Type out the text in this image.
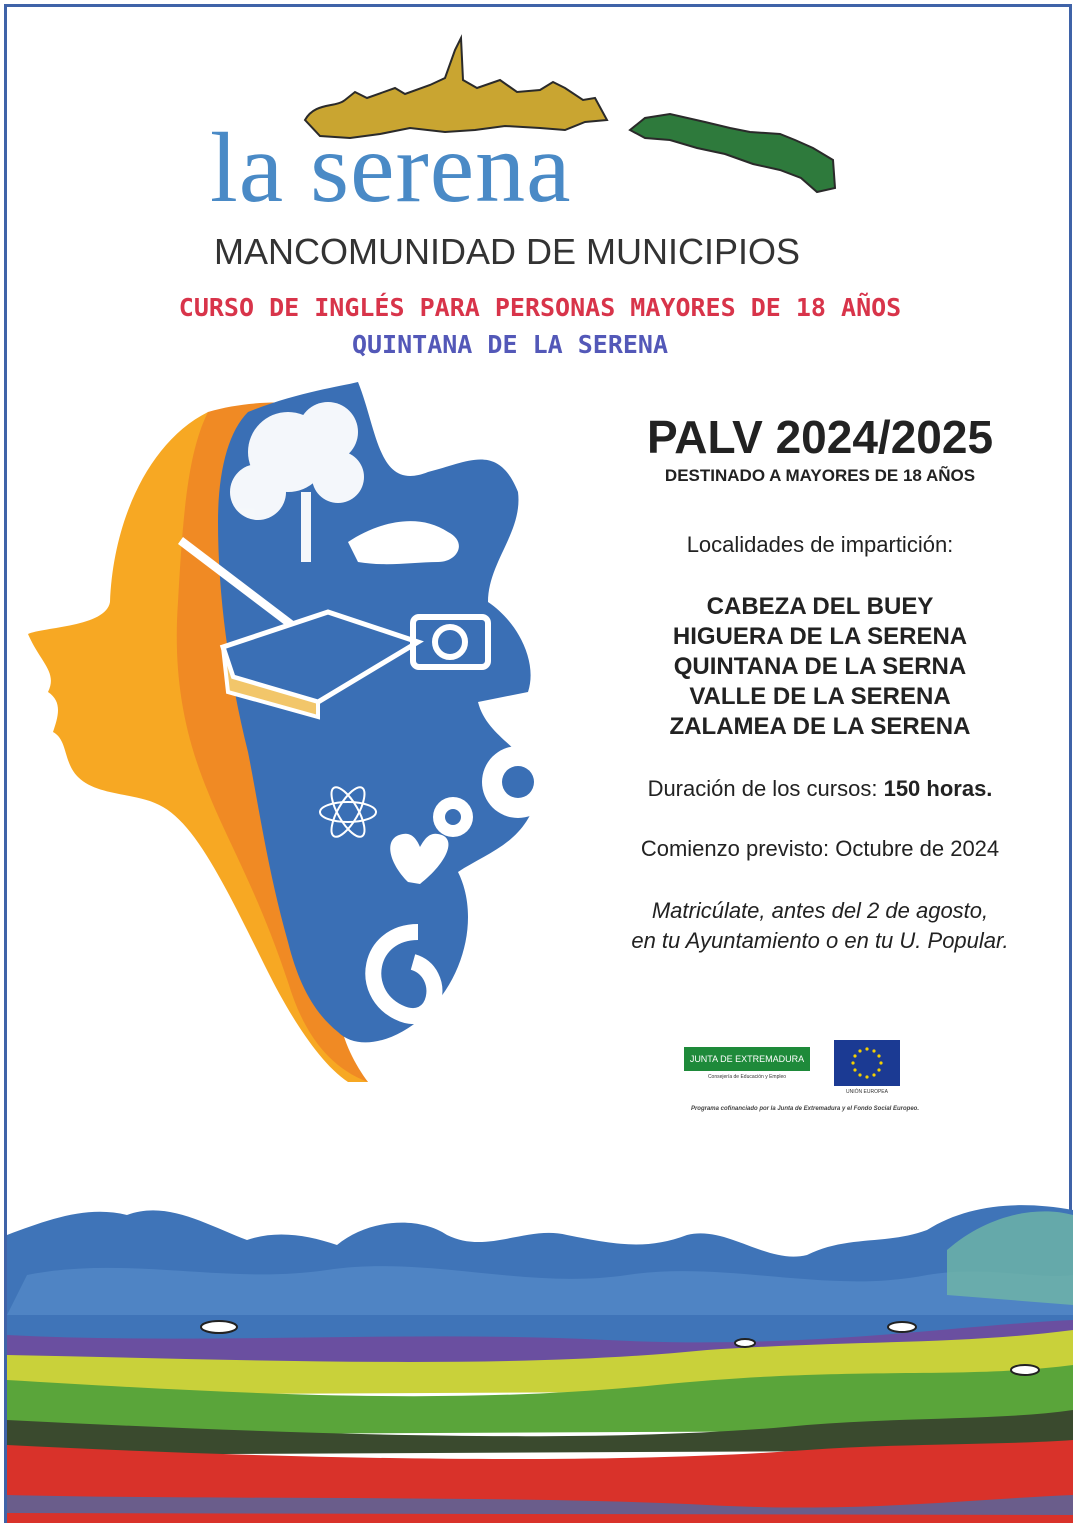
la serena
MANCOMUNIDAD DE MUNICIPIOS
CURSO DE INGLÉS PARA PERSONAS MAYORES DE 18 AÑOS
QUINTANA DE LA SERENA
PALV 2024/2025
DESTINADO A MAYORES DE 18 AÑOS
Localidades de impartición:
CABEZA DEL BUEY
HIGUERA DE LA SERENA
QUINTANA DE LA SERNA
VALLE DE LA SERENA
ZALAMEA DE LA SERENA
Duración de los cursos: 150 horas.
Comienzo previsto: Octubre de 2024
Matricúlate, antes del 2 de agosto,
en tu Ayuntamiento o en tu U. Popular.
JUNTA DE EXTREMADURA
Consejería de Educación y Empleo
UNIÓN EUROPEA
Programa cofinanciado por la Junta de Extremadura y el Fondo Social Europeo.
